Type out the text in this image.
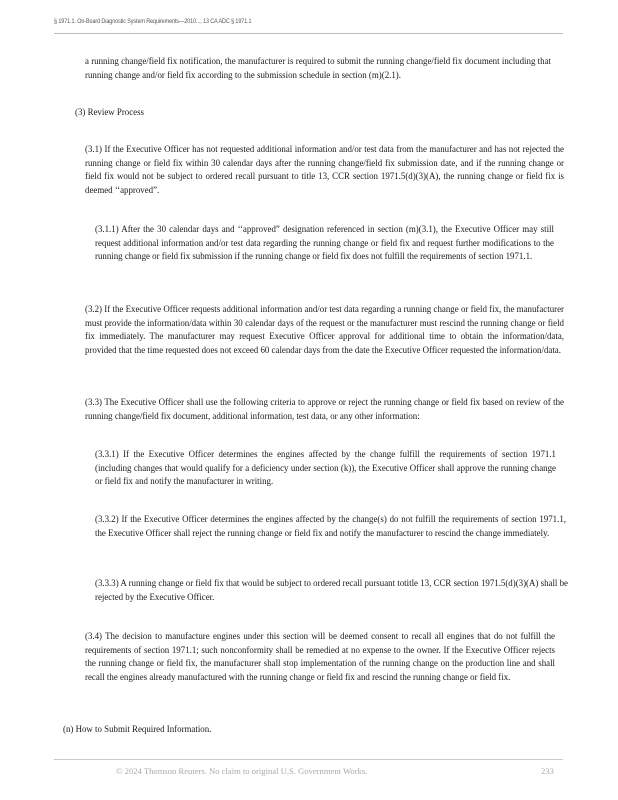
§ 1971.1. On-Board Diagnostic System Requirements—2010..., 13 CA ADC § 1971.1
a running change/field fix notification, the manufacturer is required to submit the running change/field fix document including that running change and/or field fix according to the submission schedule in section (m)(2.1).
(3) Review Process
(3.1) If the Executive Officer has not requested additional information and/or test data from the manufacturer and has not rejected the running change or field fix within 30 calendar days after the running change/field fix submission date, and if the running change or field fix would not be subject to ordered recall pursuant to title 13, CCR section 1971.5(d)(3)(A), the running change or field fix is deemed ‘‘approved”.
(3.1.1) After the 30 calendar days and ‘‘approved” designation referenced in section (m)(3.1), the Executive Officer may still request additional information and/or test data regarding the running change or field fix and request further modifications to the running change or field fix submission if the running change or field fix does not fulfill the requirements of section 1971.1.
(3.2) If the Executive Officer requests additional information and/or test data regarding a running change or field fix, the manufacturer must provide the information/data within 30 calendar days of the request or the manufacturer must rescind the running change or field fix immediately. The manufacturer may request Executive Officer approval for additional time to obtain the information/data, provided that the time requested does not exceed 60 calendar days from the date the Executive Officer requested the information/data.
(3.3) The Executive Officer shall use the following criteria to approve or reject the running change or field fix based on review of the running change/field fix document, additional information, test data, or any other information:
(3.3.1) If the Executive Officer determines the engines affected by the change fulfill the requirements of section 1971.1 (including changes that would qualify for a deficiency under section (k)), the Executive Officer shall approve the running change or field fix and notify the manufacturer in writing.
(3.3.2) If the Executive Officer determines the engines affected by the change(s) do not fulfill the requirements of section 1971.1, the Executive Officer shall reject the running change or field fix and notify the manufacturer to rescind the change immediately.
(3.3.3) A running change or field fix that would be subject to ordered recall pursuant totitle 13, CCR section 1971.5(d)(3)(A) shall be rejected by the Executive Officer.
(3.4) The decision to manufacture engines under this section will be deemed consent to recall all engines that do not fulfill the requirements of section 1971.1; such nonconformity shall be remedied at no expense to the owner. If the Executive Officer rejects the running change or field fix, the manufacturer shall stop implementation of the running change on the production line and shall recall the engines already manufactured with the running change or field fix and rescind the running change or field fix.
(n) How to Submit Required Information.
© 2024 Thomson Reuters. No claim to original U.S. Government Works.	233
